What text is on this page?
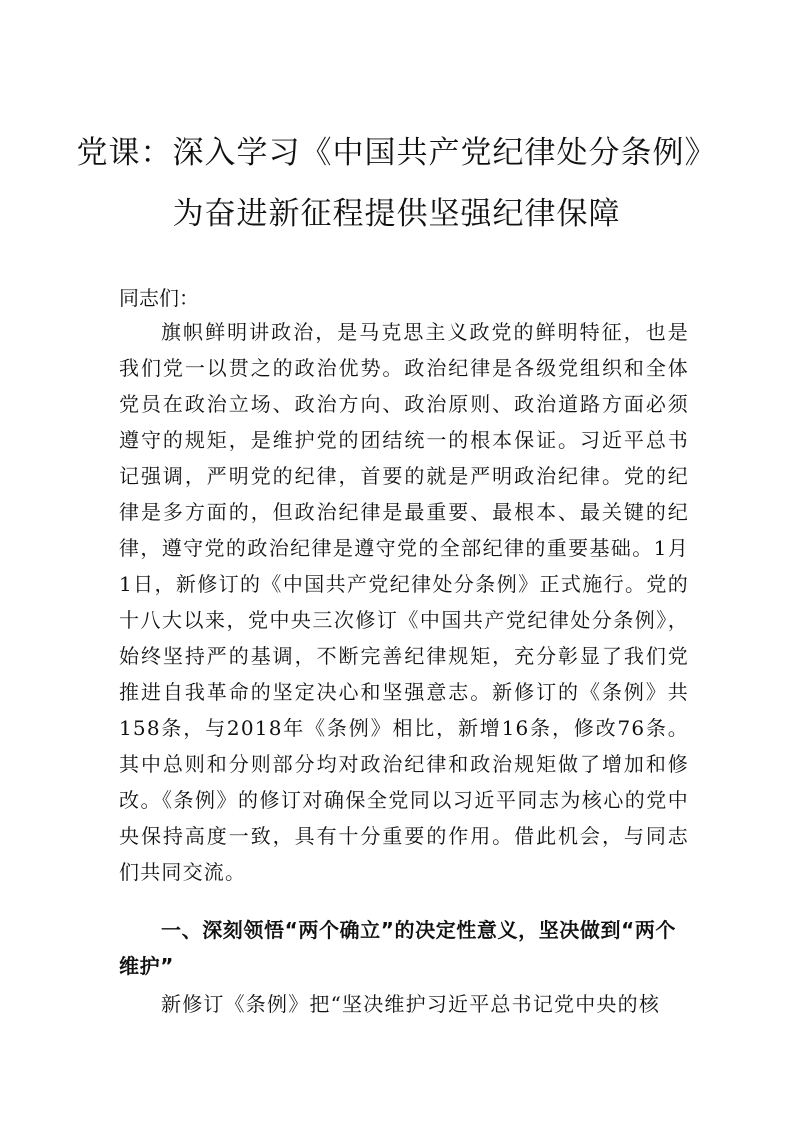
党课：深入学习《中国共产党纪律处分条例》
为奋进新征程提供坚强纪律保障
同志们：
旗帜鲜明讲政治，是马克思主义政党的鲜明特征，也是我们党一以贯之的政治优势。政治纪律是各级党组织和全体党员在政治立场、政治方向、政治原则、政治道路方面必须遵守的规矩，是维护党的团结统一的根本保证。习近平总书记强调，严明党的纪律，首要的就是严明政治纪律。党的纪律是多方面的，但政治纪律是最重要、最根本、最关键的纪律，遵守党的政治纪律是遵守党的全部纪律的重要基础。1月1日，新修订的《中国共产党纪律处分条例》正式施行。党的十八大以来，党中央三次修订《中国共产党纪律处分条例》，始终坚持严的基调，不断完善纪律规矩，充分彰显了我们党推进自我革命的坚定决心和坚强意志。新修订的《条例》共158条，与2018年《条例》相比，新增16条，修改76条。其中总则和分则部分均对政治纪律和政治规矩做了增加和修改。《条例》的修订对确保全党同以习近平同志为核心的党中央保持高度一致，具有十分重要的作用。借此机会，与同志们共同交流。
一、深刻领悟“两个确立”的决定性意义，坚决做到“两个维护”
新修订《条例》把“坚决维护习近平总书记党中央的核
